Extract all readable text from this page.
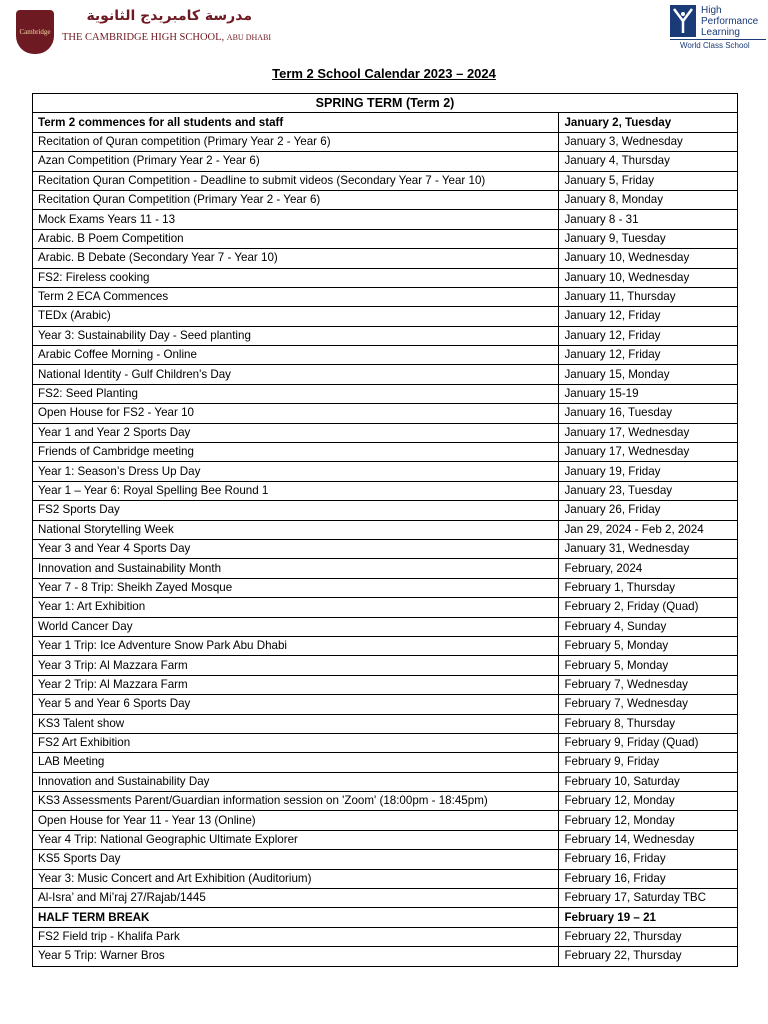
Cambridge
مدرسة كامبريدج الثانوية
THE CAMBRIDGE HIGH SCHOOL, ABU DHABI
High
Performance
Learning
World Class School
Term 2 School Calendar 2023 – 2024
SPRING TERM (Term 2)	
Term 2 commences for all students and staff	January 2, Tuesday
Recitation of Quran competition (Primary Year 2 - Year 6)	January 3, Wednesday
Azan Competition (Primary Year 2 - Year 6)	January 4, Thursday
Recitation Quran Competition - Deadline to submit videos (Secondary Year 7 - Year 10)	January 5, Friday
Recitation Quran Competition (Primary Year 2 - Year 6)	January 8, Monday
Mock Exams Years 11 - 13	January 8 - 31
Arabic. B Poem Competition	January 9, Tuesday
Arabic. B Debate (Secondary Year 7 - Year 10)	January 10, Wednesday
FS2: Fireless cooking	January 10, Wednesday
Term 2 ECA Commences	January 11, Thursday
TEDx (Arabic)	January 12, Friday
Year 3: Sustainability Day - Seed planting	January 12, Friday
Arabic Coffee Morning - Online	January 12, Friday
National Identity - Gulf Children's Day	January 15, Monday
FS2: Seed Planting	January 15-19
Open House for FS2 - Year 10	January 16, Tuesday
Year 1 and Year 2 Sports Day	January 17, Wednesday
Friends of Cambridge meeting	January 17, Wednesday
Year 1: Season’s Dress Up Day	January 19, Friday
Year 1 – Year 6: Royal Spelling Bee Round 1	January 23, Tuesday
FS2 Sports Day	January 26, Friday
National Storytelling Week	Jan 29, 2024 - Feb 2, 2024
Year 3 and Year 4 Sports Day	January 31, Wednesday
Innovation and Sustainability Month	February, 2024
Year 7 - 8 Trip: Sheikh Zayed Mosque	February 1, Thursday
Year 1: Art Exhibition	February 2, Friday (Quad)
World Cancer Day	February 4, Sunday
Year 1 Trip: Ice Adventure Snow Park Abu Dhabi	February 5, Monday
Year 3 Trip: Al Mazzara Farm	February 5, Monday
Year 2 Trip: Al Mazzara Farm	February 7, Wednesday
Year 5 and Year 6 Sports Day	February 7, Wednesday
KS3 Talent show	February 8, Thursday
FS2 Art Exhibition	February 9, Friday (Quad)
LAB Meeting	February 9, Friday
Innovation and Sustainability Day	February 10, Saturday
KS3 Assessments Parent/Guardian information session on 'Zoom' (18:00pm - 18:45pm)	February 12, Monday
Open House for Year 11 - Year 13 (Online)	February 12, Monday
Year 4 Trip: National Geographic Ultimate Explorer	February 14, Wednesday
KS5 Sports Day	February 16, Friday
Year 3: Music Concert and Art Exhibition (Auditorium)	February 16, Friday
Al-Isra’ and Mi’raj 27/Rajab/1445	February 17, Saturday TBC
HALF TERM BREAK	February 19 – 21
FS2 Field trip - Khalifa Park	February 22, Thursday
Year 5 Trip: Warner Bros	February 22, Thursday
